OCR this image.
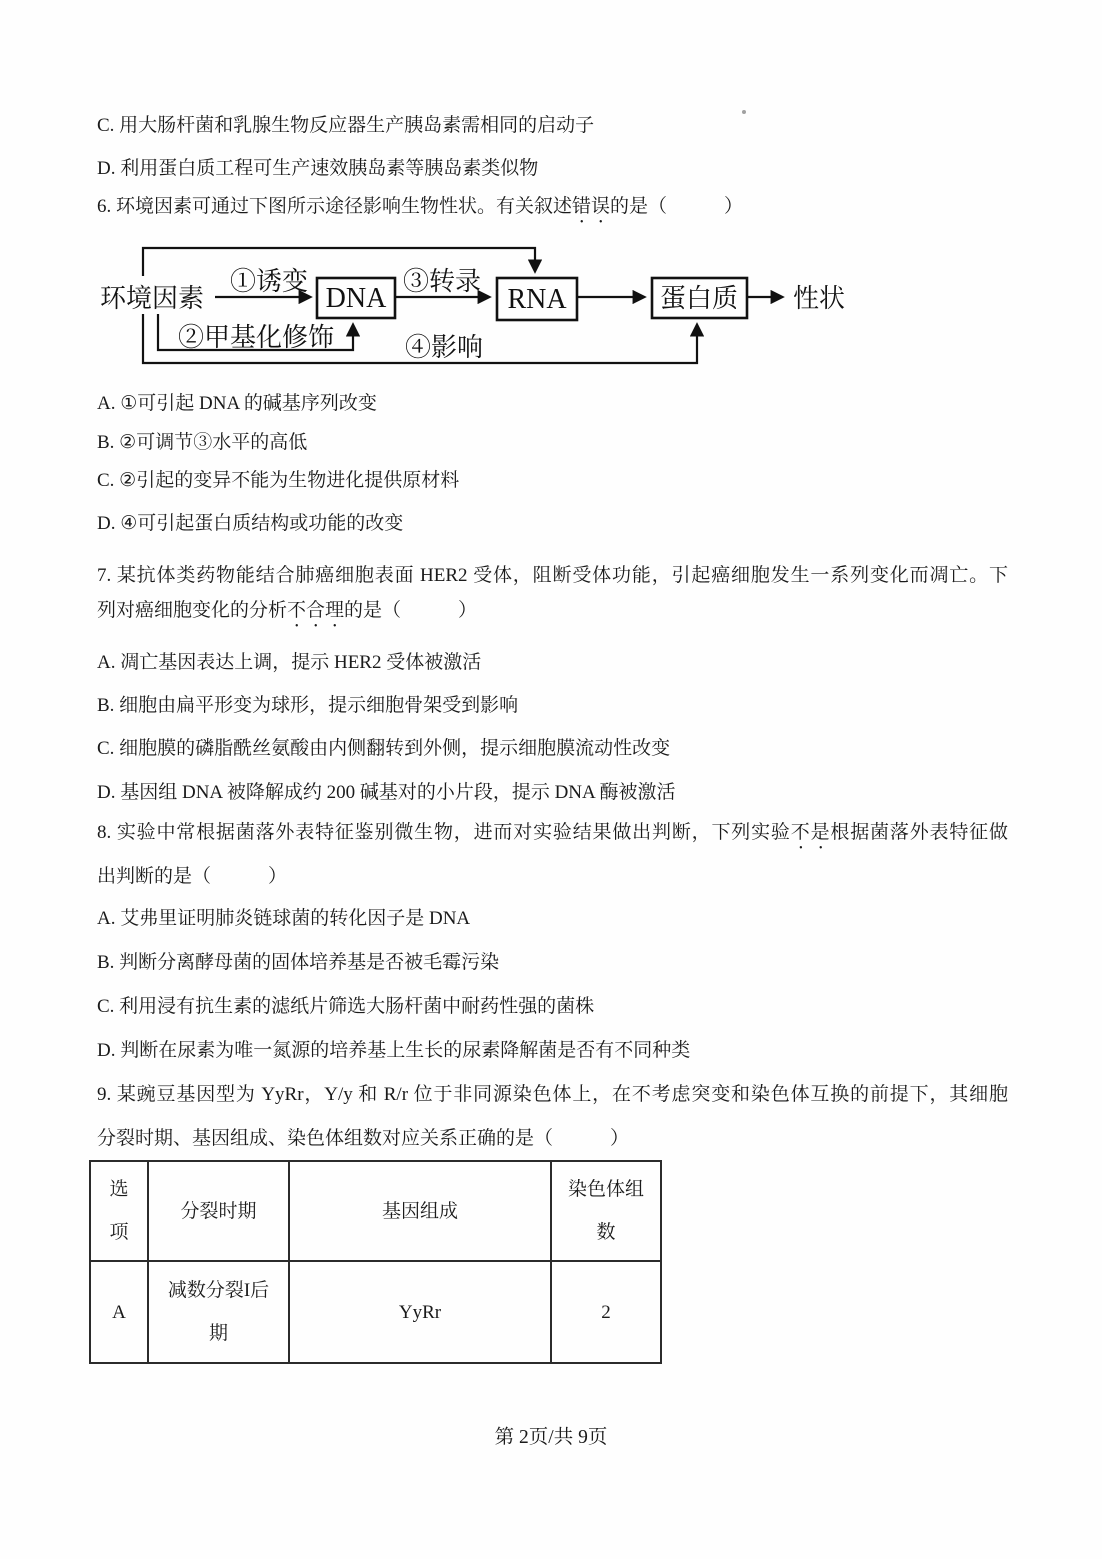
C. 用大肠杆菌和乳腺生物反应器生产胰岛素需相同的启动子
D. 利用蛋白质工程可生产速效胰岛素等胰岛素类似物
6. 环境因素可通过下图所示途径影响生物性状。有关叙述错误的是（　　　）
A. ①可引起 DNA 的碱基序列改变
B. ②可调节③水平的高低
C. ②引起的变异不能为生物进化提供原材料
D. ④可引起蛋白质结构或功能的改变
7. 某抗体类药物能结合肺癌细胞表面 HER2 受体，阻断受体功能，引起癌细胞发生一系列变化而凋亡。下
列对癌细胞变化的分析不合理的是（　　　）
A. 凋亡基因表达上调，提示 HER2 受体被激活
B. 细胞由扁平形变为球形，提示细胞骨架受到影响
C. 细胞膜的磷脂酰丝氨酸由内侧翻转到外侧，提示细胞膜流动性改变
D. 基因组 DNA 被降解成约 200 碱基对的小片段，提示 DNA 酶被激活
8. 实验中常根据菌落外表特征鉴别微生物，进而对实验结果做出判断，下列实验不是根据菌落外表特征做
出判断的是（　　　）
A. 艾弗里证明肺炎链球菌的转化因子是 DNA
B. 判断分离酵母菌的固体培养基是否被毛霉污染
C. 利用浸有抗生素的滤纸片筛选大肠杆菌中耐药性强的菌株
D. 判断在尿素为唯一氮源的培养基上生长的尿素降解菌是否有不同种类
9. 某豌豆基因型为 YyRr，Y/y 和 R/r 位于非同源染色体上，在不考虑突变和染色体互换的前提下，其细胞
分裂时期、基因组成、染色体组数对应关系正确的是（　　　）
环境因素
①诱变
DNA
③转录
RNA	蛋白质 性状
②甲基化修饰	④影响
选项	分裂时期	基因组成	染色体组数
A	减数分裂I后期	YyRr	2
第 2页/共 9页
